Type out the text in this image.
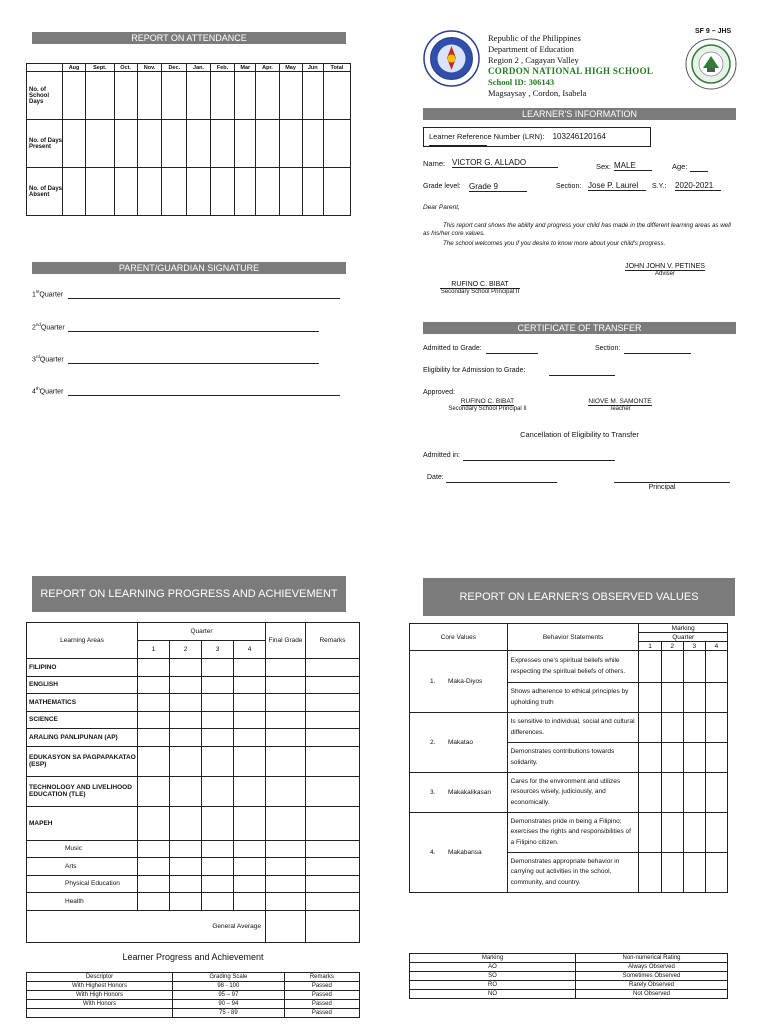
REPORT ON ATTENDANCE
	Aug	Sept.	Oct.	Nov.	Dec.	Jan.	Feb.	Mar	Apr.	May	Jun	Total
No. of School Days												
No. of Days Present												
No. of Days Absent												
PARENT/GUARDIAN SIGNATURE
1stQuarter
2ndQuarter
3rdQuarter
4thQuarter
Republic of the Philippines
Department of Education
Region 2 , Cagayan Valley
CORDON NATIONAL HIGH SCHOOL
School ID: 306143
Magsaysay , Cordon, Isabela
SF 9 – JHS
LEARNER'S INFORMATION
Learner Reference Number (LRN): 103246120164
Name: VICTOR G. ALLADO	Sex: MALE	Age:
Grade level: Grade 9	Section: Jose P. Laurel	S.Y.: 2020-2021
Dear Parent,
This report card shows the ability and progress your child has made in the different learning areas as well as his/her core values.
The school welcomes you if you desire to know more about your child's progress.
JOHN JOHN V. PETINES
Adviser
RUFINO C. BIBAT
Secondary School Principal II
CERTIFICATE OF TRANSFER
Admitted to Grade:	Section:
Eligibility for Admission to Grade:
Approved:
RUFINO C. BIBAT
Secondary School Principal II
NIOVE M. SAMONTE
Teacher
Cancellation of Eligibility to Transfer
Admitted in:
Date:
Principal
REPORT ON LEARNING PROGRESS AND ACHIEVEMENT
Learning Areas	Quarter				Final Grade	Remarks
	1	2	3	4		
FILIPINO						
ENGLISH						
MATHEMATICS						
SCIENCE						
ARALING PANLIPUNAN (AP)						
EDUKASYON SA PAGPAPAKATAO (ESP)						
TECHNOLOGY AND LIVELIHOOD EDUCATION (TLE)						
MAPEH						
Music						
Arts						
Physical Education						
Health						
General Average						
Learner Progress and Achievement
Descriptor	Grading Scale	Remarks
With Highest Honors	98 - 100	Passed
With High Honors	95 – 97	Passed
With Honors	90 – 94	Passed
	75 - 89	Passed
REPORT ON LEARNER'S OBSERVED VALUES
Core Values	Behavior Statements	Marking			
		Quarter			
		1	2	3	4
1. Maka-Diyos	Expresses one's spiritual beliefs while respecting the spiritual beliefs of others.				
	Shows adherence to ethical principles by upholding truth				
2. Makatao	Is sensitive to individual, social and cultural differences.				
	Demonstrates contributions towards solidarity.				
3. Makakalikasan	Cares for the environment and utilizes resources wisely, judiciously, and economically.				
4. Makabansa	Demonstrates pride in being a Filipino; exercises the rights and responsibilities of a Filipino citizen.				
	Demonstrates appropriate behavior in carrying out activities in the school, community, and country.				
Marking	Non-numerical Rating
AO	Always Observed
SO	Sometimes Observed
RO	Rarely Observed
NO	Not Observed
